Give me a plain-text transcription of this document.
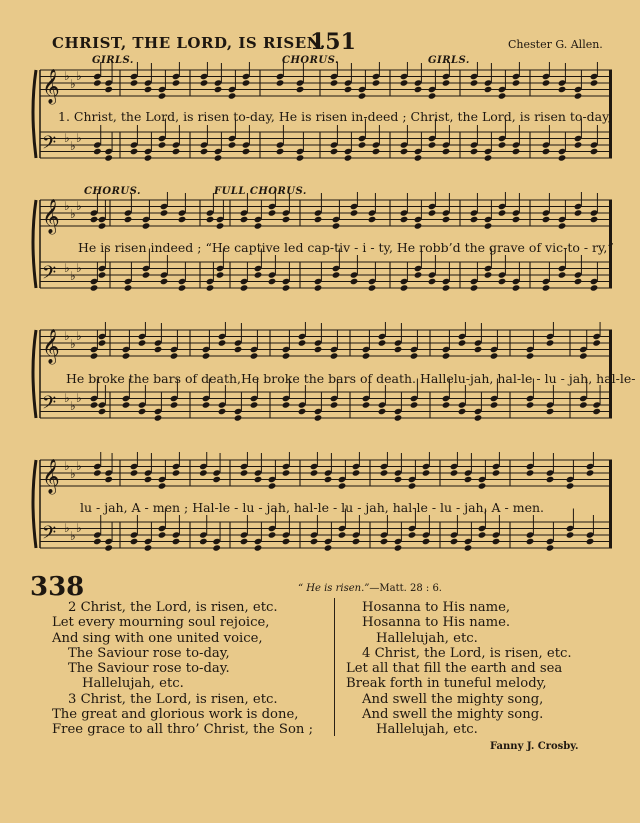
CHRIST, THE LORD, IS RISEN.
151	Chester G. Allen.
𝄞 ♭
♭
♭
𝄢 ♭
♭
♭
𝄞 ♭
♭
♭
𝄢 ♭
♭
♭
𝄞 ♭
♭
♭
𝄢 ♭
♭
♭
𝄞 ♭
♭
♭
𝄢 ♭
♭
♭
GIRLS.	CHORUS.	GIRLS.
CHORUS.	FULL CHORUS.
1. Christ, the Lord, is risen to-day, He is risen in-deed ; Christ, the Lord, is risen to-day,
He is risen indeed ; “He captive led cap-tiv - i - ty, He robb’d the grave of vic-to - ry,”
He broke the bars of death,He broke the bars of death. Hallelu-jah, hal-le - lu - jah, hal-le-
lu - jah, A - men ; Hal-le - lu - jah, hal-le - lu - jah, hal-le - lu - jah, A - men.
338	“ He is risen.”—Matt. 28 : 6.
2 Christ, the Lord, is risen, etc.
Let every mourning soul rejoice,
And sing with one united voice,
The Saviour rose to-day,
The Saviour rose to-day.
Hallelujah, etc.
3 Christ, the Lord, is risen, etc.
The great and glorious work is done,
Free grace to all thro’ Christ, the Son ;
Hosanna to His name,
Hosanna to His name.
Hallelujah, etc.
4 Christ, the Lord, is risen, etc.
Let all that fill the earth and sea
Break forth in tuneful melody,
And swell the mighty song,
And swell the mighty song.
Hallelujah, etc.
Fanny J. Crosby.
